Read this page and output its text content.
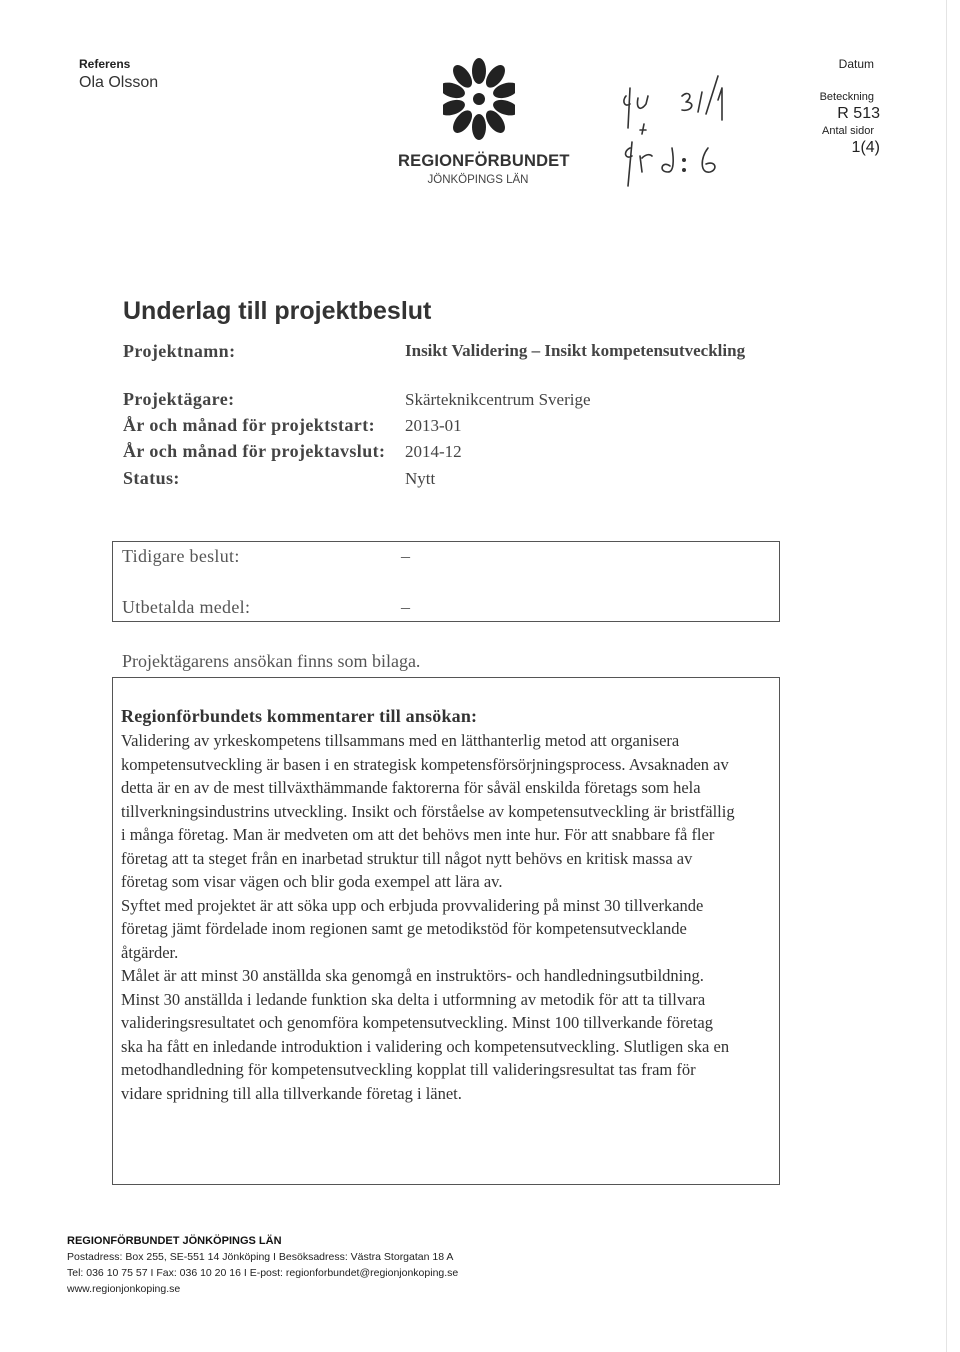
Referens
Ola Olsson
REGIONFÖRBUNDET
JÖNKÖPINGS LÄN
Datum
Beteckning
R 513
Antal sidor
1(4)
Underlag till projektbeslut
Projektnamn:	Insikt Validering – Insikt kompetensutveckling
Projektägare:	Skärteknikcentrum Sverige
År och månad för projektstart: 2013-01
År och månad för projektavslut: 2014-12
Status:	Nytt
Tidigare beslut:	–
Utbetalda medel:	–
Projektägarens ansökan finns som bilaga.
Regionförbundets kommentarer till ansökan:
Validering av yrkeskompetens tillsammans med en lätthanterlig metod att organisera
kompetensutveckling är basen i en strategisk kompetensförsörjningsprocess. Avsaknaden av
detta är en av de mest tillväxthämmande faktorerna för såväl enskilda företags som hela
tillverkningsindustrins utveckling. Insikt och förståelse av kompetensutveckling är bristfällig
i många företag. Man är medveten om att det behövs men inte hur. För att snabbare få fler
företag att ta steget från en inarbetad struktur till något nytt behövs en kritisk massa av
företag som visar vägen och blir goda exempel att lära av.
Syftet med projektet är att söka upp och erbjuda provvalidering på minst 30 tillverkande
företag jämt fördelade inom regionen samt ge metodikstöd för kompetensutvecklande
åtgärder.
Målet är att minst 30 anställda ska genomgå en instruktörs- och handledningsutbildning.
Minst 30 anställda i ledande funktion ska delta i utformning av metodik för att ta tillvara
valideringsresultatet och genomföra kompetensutveckling. Minst 100 tillverkande företag
ska ha fått en inledande introduktion i validering och kompetensutveckling. Slutligen ska en
metodhandledning för kompetensutveckling kopplat till valideringsresultat tas fram för
vidare spridning till alla tillverkande företag i länet.
REGIONFÖRBUNDET JÖNKÖPINGS LÄN
Postadress: Box 255, SE-551 14 Jönköping I Besöksadress: Västra Storgatan 18 A
Tel: 036 10 75 57 I Fax: 036 10 20 16 I E-post: regionforbundet@regionjonkoping.se
www.regionjonkoping.se
